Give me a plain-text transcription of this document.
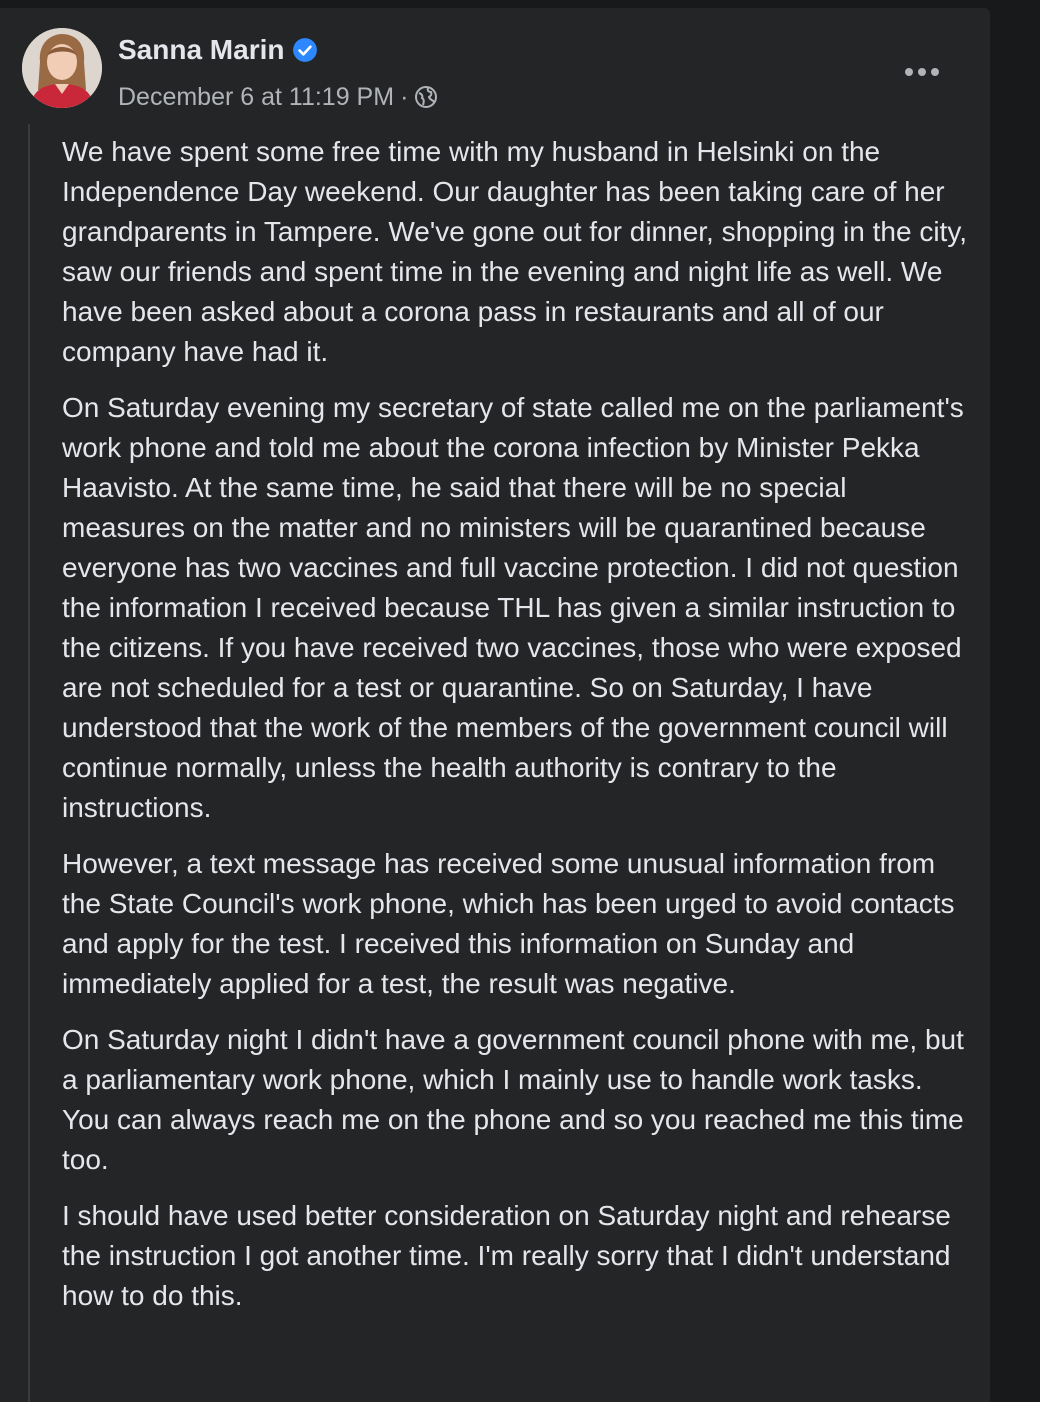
Sanna Marin
December 6 at 11:19 PM ·

We have spent some free time with my husband in Helsinki on the Independence Day weekend. Our daughter has been taking care of her grandparents in Tampere. We've gone out for dinner, shopping in the city, saw our friends and spent time in the evening and night life as well. We have been asked about a corona pass in restaurants and all of our company have had it.

On Saturday evening my secretary of state called me on the parliament's work phone and told me about the corona infection by Minister Pekka Haavisto. At the same time, he said that there will be no special measures on the matter and no ministers will be quarantined because everyone has two vaccines and full vaccine protection. I did not question the information I received because THL has given a similar instruction to the citizens. If you have received two vaccines, those who were exposed are not scheduled for a test or quarantine. So on Saturday, I have understood that the work of the members of the government council will continue normally, unless the health authority is contrary to the instructions.

However, a text message has received some unusual information from the State Council's work phone, which has been urged to avoid contacts and apply for the test. I received this information on Sunday and immediately applied for a test, the result was negative.

On Saturday night I didn't have a government council phone with me, but a parliamentary work phone, which I mainly use to handle work tasks. You can always reach me on the phone and so you reached me this time too.

I should have used better consideration on Saturday night and rehearse the instruction I got another time. I'm really sorry that I didn't understand how to do this.
